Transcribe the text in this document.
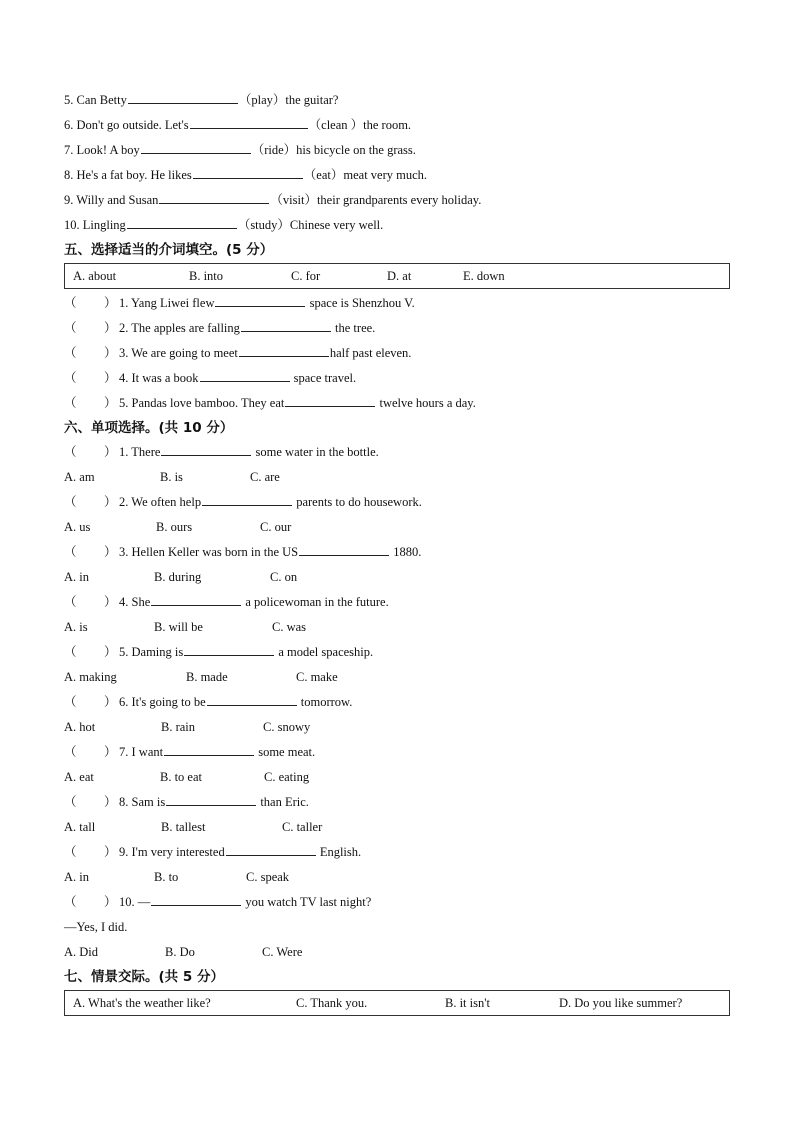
5. Can Betty	（play）the guitar?
6. Don't go outside. Let's	（clean ）the room.
7. Look! A boy	（ride）his bicycle on the grass.
8. He's a fat boy. He likes	（eat）meat very much.
9. Willy and Susan	（visit）their grandparents every holiday.
10. Lingling	（study）Chinese very well.
五、选择适当的介词填空。(5 分）
A. about	B. into	C. for	D. at	E. down
（ ） 1. Yang Liwei flew	space is Shenzhou V.
（ ） 2. The apples are falling	the tree.
（ ） 3. We are going to meet	half past eleven.
（ ） 4. It was a book	space travel.
（ ） 5. Pandas love bamboo. They eat	twelve hours a day.
六、单项选择。(共 10 分）
（ ） 1. There	some water in the bottle.
A. am	B. is	C. are
（ ） 2. We often help	parents to do housework.
A. us	B. ours	C. our
（ ） 3. Hellen Keller was born in the US	1880.
A. in	B. during	C. on
（ ） 4. She	a policewoman in the future.
A. is	B. will be	C. was
（ ） 5. Daming is	a model spaceship.
A. making	B. made	C. make
（ ） 6. It's going to be	tomorrow.
A. hot	B. rain	C. snowy
（ ） 7. I want	some meat.
A. eat	B. to eat	C. eating
（ ） 8. Sam is	than Eric.
A. tall	B. tallest	C. taller
（ ） 9. I'm very interested	English.
A. in	B. to	C. speak
（ ） 10. —	you watch TV last night?
—Yes, I did.
A. Did	B. Do	C. Were
七、情景交际。(共 5 分）
A. What's the weather like?	C. Thank you.	B. it isn't	D. Do you like summer?
